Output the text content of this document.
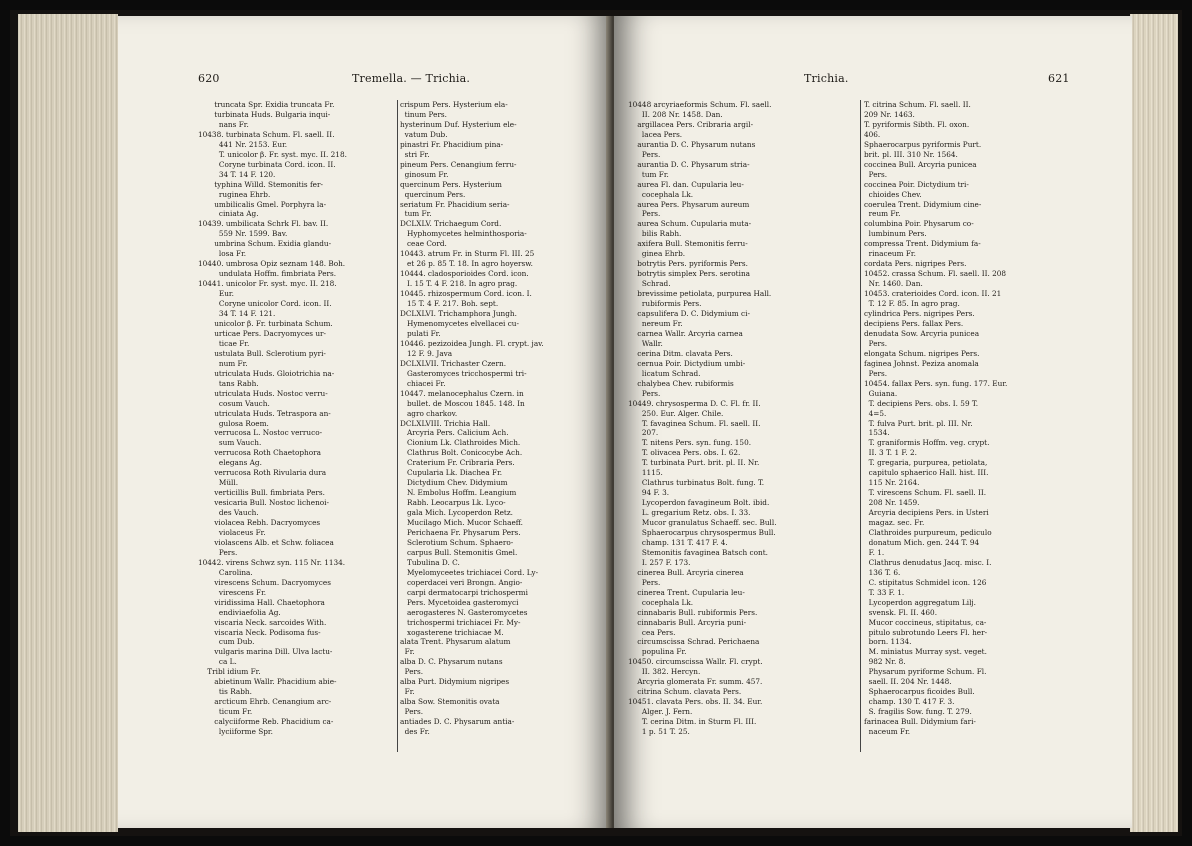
620	Tremella. — Trichia.
truncata Spr. Exidia truncata Fr.
turbinata Huds. Bulgaria inqui-
nans Fr.
10438. turbinata Schum. Fl. saell. II.
441 Nr. 2153. Eur.
T. unicolor β. Fr. syst. myc. II. 218.
Coryne turbinata Cord. icon. II.
34 T. 14 F. 120.
typhina Willd. Stemonitis fer-
ruginea Ehrb.
umbilicalis Gmel. Porphyra la-
ciniata Ag.
10439. umbilicata Schrk Fl. bav. II.
559 Nr. 1599. Bav.
umbrina Schum. Exidia glandu-
losa Fr.
10440. umbrosa Opiz seznam 148. Boh.
undulata Hoffm. fimbriata Pers.
10441. unicolor Fr. syst. myc. II. 218.
Eur.
Coryne unicolor Cord. icon. II.
34 T. 14 F. 121.
unicolor β. Fr. turbinata Schum.
urticae Pers. Dacryomyces ur-
ticae Fr.
ustulata Bull. Sclerotium pyri-
num Fr.
utriculata Huds. Gloiotrichia na-
tans Rabh.
utriculata Huds. Nostoc verru-
cosum Vauch.
utriculata Huds. Tetraspora an-
gulosa Roem.
verrucosa L. Nostoc verruco-
sum Vauch.
verrucosa Roth Chaetophora
elegans Ag.
verrucosa Roth Rivularia dura
Müll.
verticillis Bull. fimbriata Pers.
vesicaria Bull. Nostoc lichenoi-
des Vauch.
violacea Rebh. Dacryomyces
violaceus Fr.
violascens Alb. et Schw. foliacea
Pers.
10442. virens Schwz syn. 115 Nr. 1134.
Carolina.
virescens Schum. Dacryomyces
virescens Fr.
viridissima Hall. Chaetophora
endiviaefolia Ag.
viscaria Neck. sarcoides With.
viscaria Neck. Podisoma fus-
cum Dub.
vulgaris marina Dill. Ulva lactu-
ca L.
Tribl idium Fr.
abietinum Wallr. Phacidium abie-
tis Rabh.
arcticum Ehrb. Cenangium arc-
ticum Fr.
calyciiforme Reb. Phacidium ca-
lyciiforme Spr.
crispum Pers. Hysterium ela-
tinum Pers.
hysterinum Duf. Hysterium ele-
vatum Dub.
pinastri Fr. Phacidium pina-
stri Fr.
pineum Pers. Cenangium ferru-
ginosum Fr.
quercinum Pers. Hysterium
quercinum Pers.
seriatum Fr. Phacidium seria-
tum Fr.
DCLXLV. Trichaegum Cord.
Hyphomycetes helminthosporia-
ceae Cord.
10443. atrum Fr. in Sturm Fl. III. 25
et 26 p. 85 T. 18. In agro hoyersw.
10444. cladosporioides Cord. icon.
I. 15 T. 4 F. 218. In agro prag.
10445. rhizospermum Cord. icon. I.
15 T. 4 F. 217. Boh. sept.
DCLXLVI. Trichamphora Jungh.
Hymenomycetes elvellacei cu-
pulati Fr.
10446. pezizoidea Jungh. Fl. crypt. jav.
12 F. 9. Java
DCLXLVII. Trichaster Czern.
Gasteromyces tricchospermi tri-
chiacei Fr.
10447. melanocephalus Czern. in
bullet. de Moscou 1845. 148. In
agro charkov.
DCLXLVIII. Trichia Hall.
Arcyria Pers. Calicium Ach.
Cionium Lk. Clathroides Mich.
Clathrus Bolt. Conicocybe Ach.
Craterium Fr. Cribraria Pers.
Cupularia Lk. Diachea Fr.
Dictydium Chev. Didymium
N. Embolus Hoffm. Leangium
Rabh. Leocarpus Lk. Lyco-
gala Mich. Lycoperdon Retz.
Mucilago Mich. Mucor Schaeff.
Perichaena Fr. Physarum Pers.
Sclerotium Schum. Sphaero-
carpus Bull. Stemonitis Gmel.
Tubulina D. C.
Myelomyceetes trichiacei Cord. Ly-
coperdacei veri Brongn. Angio-
carpi dermatocarpi trichospermi
Pers. Mycetoidea gasteromyci
aerogasteres N. Gasteromycetes
trichospermi trichiacei Fr. My-
xogasterene trichiacae M.
alata Trent. Physarum alatum
Fr.
alba D. C. Physarum nutans
Pers.
alba Purt. Didymium nigripes
Fr.
alba Sow. Stemonitis ovata
Pers.
antiades D. C. Physarum antia-
des Fr.
Trichia.	621
10448 arcyriaeformis Schum. Fl. saell.
II. 208 Nr. 1458. Dan.
argillacea Pers. Cribraria argil-
lacea Pers.
aurantia D. C. Physarum nutans
Pers.
aurantia D. C. Physarum stria-
tum Fr.
aurea Fl. dan. Cupularia leu-
cocephala Lk.
aurea Pers. Physarum aureum
Pers.
aurea Schum. Cupularia muta-
bilis Rabh.
axifera Bull. Stemonitis ferru-
ginea Ehrb.
botrytis Pers. pyriformis Pers.
botrytis simplex Pers. serotina
Schrad.
brevissime petiolata, purpurea Hall.
rubiformis Pers.
capsulifera D. C. Didymium ci-
nereum Fr.
carnea Wallr. Arcyria carnea
Wallr.
cerina Ditm. clavata Pers.
cernua Poir. Dictydium umbi-
licatum Schrad.
chalybea Chev. rubiformis
Pers.
10449. chrysosperma D. C. Fl. fr. II.
250. Eur. Alger. Chile.
T. favaginea Schum. Fl. saell. II.
207.
T. nitens Pers. syn. fung. 150.
T. olivacea Pers. obs. I. 62.
T. turbinata Purt. brit. pl. II. Nr.
1115.
Clathrus turbinatus Bolt. fung. T.
94 F. 3.
Lycoperdon favagineum Bolt. ibid.
L. gregarium Retz. obs. I. 33.
Mucor granulatus Schaeff. sec. Bull.
Sphaerocarpus chrysospermus Bull.
champ. 131 T. 417 F. 4.
Stemonitis favaginea Batsch cont.
I. 257 F. 173.
cinerea Bull. Arcyria cinerea
Pers.
cinerea Trent. Cupularia leu-
cocephala Lk.
cinnabaris Bull. rubiformis Pers.
cinnabaris Bull. Arcyria puni-
cea Pers.
circumscissa Schrad. Perichaena
populina Fr.
10450. circumscissa Wallr. Fl. crypt.
II. 382. Hercyn.
Arcyria glomerata Fr. summ. 457.
citrina Schum. clavata Pers.
10451. clavata Pers. obs. II. 34. Eur.
Alger. J. Fern.
T. cerina Ditm. in Sturm Fl. III.
1 p. 51 T. 25.
T. citrina Schum. Fl. saell. II.
209 Nr. 1463.
T. pyriformis Sibth. Fl. oxon.
406.
Sphaerocarpus pyriformis Purt.
brit. pl. III. 310 Nr. 1564.
coccinea Bull. Arcyria punicea
Pers.
coccinea Poir. Dictydium tri-
chioides Chev.
coerulea Trent. Didymium cine-
reum Fr.
columbina Poir. Physarum co-
lumbinum Pers.
compressa Trent. Didymium fa-
rinaceum Fr.
cordata Pers. nigripes Pers.
10452. crassa Schum. Fl. saell. II. 208
Nr. 1460. Dan.
10453. craterioides Cord. icon. II. 21
T. 12 F. 85. In agro prag.
cylindrica Pers. nigripes Pers.
decipiens Pers. fallax Pers.
denudata Sow. Arcyria punicea
Pers.
elongata Schum. nigripes Pers.
faginea Johnst. Peziza anomala
Pers.
10454. fallax Pers. syn. fung. 177. Eur.
Guiana.
T. decipiens Pers. obs. I. 59 T.
4=5.
T. fulva Purt. brit. pl. III. Nr.
1534.
T. graniformis Hoffm. veg. crypt.
II. 3 T. 1 F. 2.
T. gregaria, purpurea, petiolata,
capitulo sphaerico Hall. hist. III.
115 Nr. 2164.
T. virescens Schum. Fl. saell. II.
208 Nr. 1459.
Arcyria decipiens Pers. in Usteri
magaz. sec. Fr.
Clathroides purpureum, pediculo
donatum Mich. gen. 244 T. 94
F. 1.
Clathrus denudatus Jacq. misc. I.
136 T. 6.
C. stipitatus Schmidel icon. 126
T. 33 F. 1.
Lycoperdon aggregatum Lilj.
svensk. Fl. II. 460.
Mucor coccineus, stipitatus, ca-
pitulo subrotundo Leers Fl. her-
born. 1134.
M. miniatus Murray syst. veget.
982 Nr. 8.
Physarum pyriforme Schum. Fl.
saell. II. 204 Nr. 1448.
Sphaerocarpus ficoides Bull.
champ. 130 T. 417 F. 3.
S. fragilis Sow. fung. T. 279.
farinacea Bull. Didymium fari-
naceum Fr.
